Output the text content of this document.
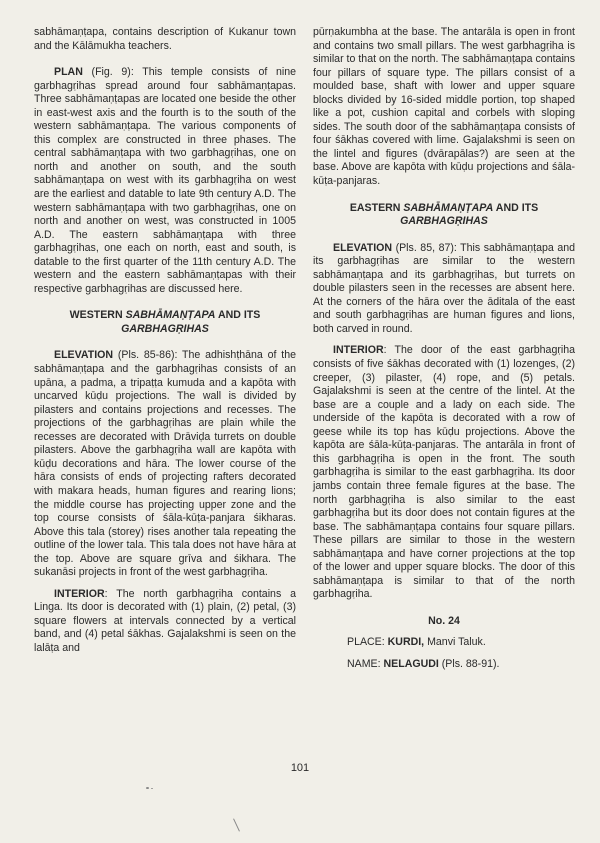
sabhāmaṇṭapa, contains description of Kukanur town and the Kālāmukha teachers.

PLAN (Fig. 9): This temple consists of nine garbhagṛihas spread around four sabhāmaṇṭapas. Three sabhāmaṇṭapas are located one beside the other in east-west axis and the fourth is to the south of the western sabhāmaṇṭapa. The various components of this complex are constructed in three phases. The central sabhāmaṇṭapa with two garbhagṛihas, one on north and another on south, and the south sabhāmaṇṭapa on west with its garbhagṛiha on west are the earliest and datable to late 9th century A.D. The western sabhāmaṇṭapa with two garbhagṛihas, one on north and another on west, was constructed in 1005 A.D. The eastern sabhāmaṇṭapa with three garbhagṛihas, one each on north, east and south, is datable to the first quarter of the 11th century A.D. The western and the eastern sabhāmaṇṭapas with their respective garbhagṛihas are discussed here.

WESTERN SABHĀMAṆṬAPA AND ITS
GARBHAGṚIHAS

ELEVATION (Pls. 85-86): The adhishṭhāna of the sabhāmaṇṭapa and the garbhagṛihas consists of an upāna, a padma, a tripaṭṭa kumuda and a kapōta with uncarved kūḍu projections. The wall is divided by pilasters and contains projections and recesses. The projections of the garbhagṛihas are plain while the recesses are decorated with Drāviḍa turrets on double pilasters. Above the garbhagṛiha wall are kapōta with kūḍu decorations and hāra. The lower course of the hāra consists of ends of projecting rafters decorated with makara heads, human figures and rearing lions; the middle course has projecting upper zone and the top course consists of śāla-kūṭa-panjara śikharas. Above this tala (storey) rises another tala repeating the outline of the lower tala. This tala does not have hāra at the top. Above are square grīva and śikhara. The sukanāsi projects in front of the west garbhagṛiha.

INTERIOR: The north garbhagṛiha contains a Linga. Its door is decorated with (1) plain, (2) petal, (3) square flowers at intervals connected by a vertical band, and (4) petal śākhas. Gajalakshmi is seen on the lalāṭa and

pūrṇakumbha at the base. The antarāla is open in front and contains two small pillars. The west garbhagṛiha is similar to that on the north. The sabhāmaṇṭapa contains four pillars of square type. The pillars consist of a moulded base, shaft with lower and upper square blocks divided by 16-sided middle portion, top shaped like a pot, cushion capital and corbels with sloping sides. The south door of the sabhāmaṇṭapa consists of four śākhas covered with lime. Gajalakshmi is seen on the lintel and figures (dvārapālas?) are seen at the base. Above are kapōta with kūḍu projections and śāla-kūṭa-panjaras.

EASTERN SABHĀMAṆṬAPA AND ITS
GARBHAGṚIHAS

ELEVATION (Pls. 85, 87): This sabhāmaṇṭapa and its garbhagṛihas are similar to the western sabhāmaṇṭapa and its garbhagṛihas, but turrets on double pilasters seen in the recesses are absent here. At the corners of the hāra over the āditala of the east and south garbhagṛihas are human figures and lions, both carved in round.

INTERIOR: The door of the east garbhagṛiha consists of five śākhas decorated with (1) lozenges, (2) creeper, (3) pilaster, (4) rope, and (5) petals. Gajalakshmi is seen at the centre of the lintel. At the base are a couple and a lady on each side. The underside of the kapōta is decorated with a row of geese while its top has kūḍu projections. Above the kapōta are śāla-kūṭa-panjaras. The antarāla in front of this garbhagṛiha is open in the front. The south garbhagṛiha is similar to the east garbhagṛiha. Its door jambs contain three female figures at the base. The north garbhagṛiha is also similar to the east garbhagṛiha but its door does not contain figures at the base. The sabhāmaṇṭapa contains four square pillars. These pillars are similar to those in the western sabhāmaṇṭapa and have corner projections at the top of the lower and upper square blocks. The door of this sabhāmaṇṭapa is similar to that of the north garbhagṛiha.

No. 24

PLACE: KURDI, Manvi Taluk.

NAME: NELAGUDI (Pls. 88-91).

101
